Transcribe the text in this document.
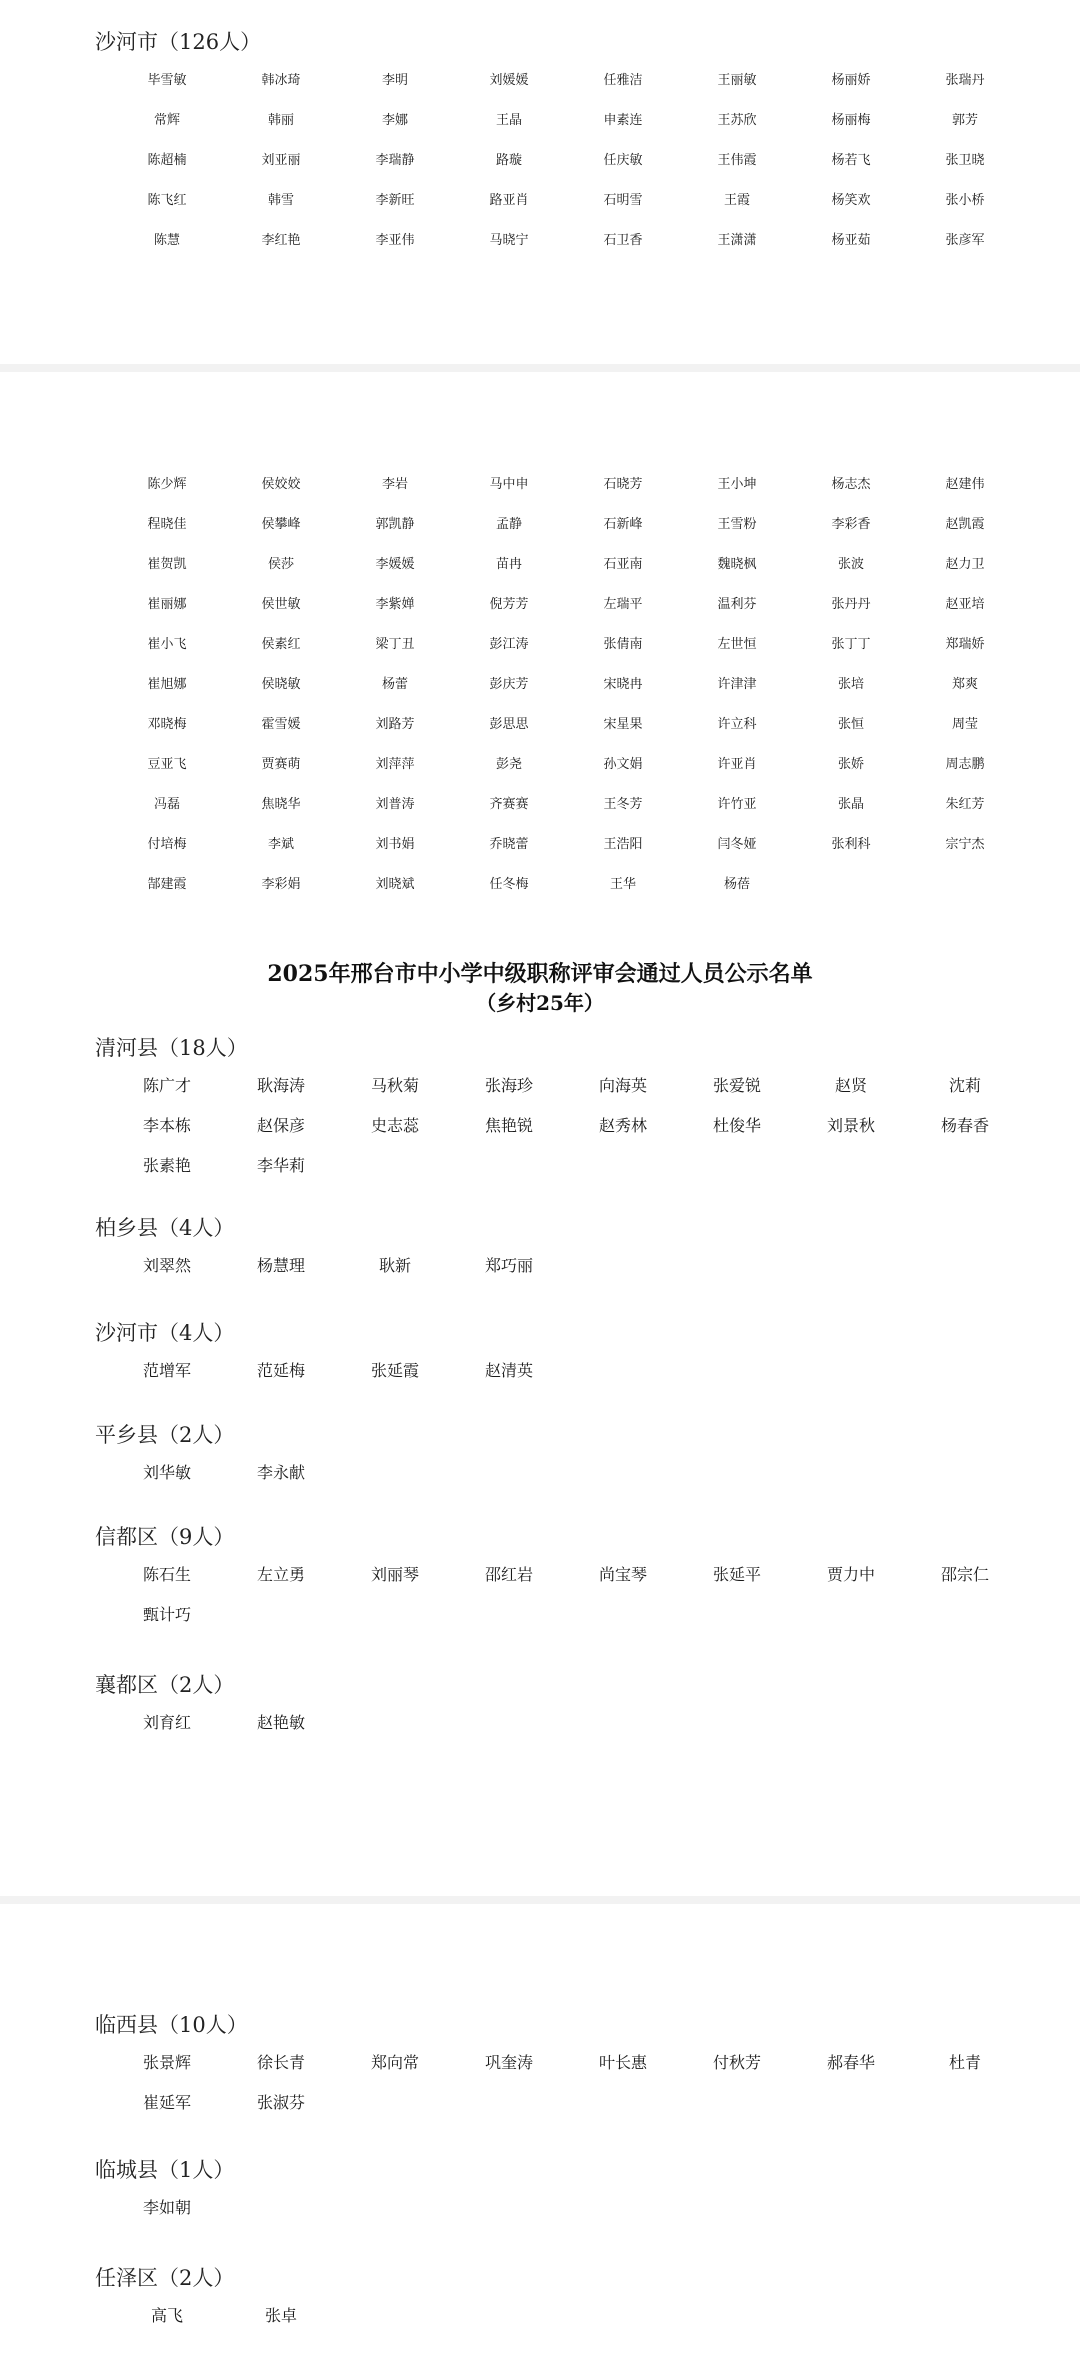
沙河市（126人）
毕雪敏	韩冰琦	李明	刘媛媛	任雅洁	王丽敏	杨丽娇	张瑞丹
常辉	韩丽	李娜	王晶	申素连	王苏欣	杨丽梅	郭芳
陈超楠	刘亚丽	李瑞静	路璇	任庆敏	王伟霞	杨若飞	张卫晓
陈飞红	韩雪	李新旺	路亚肖	石明雪	王霞	杨笑欢	张小桥
陈慧	李红艳	李亚伟	马晓宁	石卫香	王潇潇	杨亚茹	张彦军
陈少辉	侯姣姣	李岩	马中申	石晓芳	王小坤	杨志杰	赵建伟
程晓佳	侯攀峰	郭凯静	孟静	石新峰	王雪粉	李彩香	赵凯霞
崔贺凯	侯莎	李媛媛	苗冉	石亚南	魏晓枫	张波	赵力卫
崔丽娜	侯世敏	李紫婵	倪芳芳	左瑞平	温利芬	张丹丹	赵亚培
崔小飞	侯素红	梁丁丑	彭江涛	张倩南	左世恒	张丁丁	郑瑞娇
崔旭娜	侯晓敏	杨蕾	彭庆芳	宋晓冉	许津津	张培	郑爽
邓晓梅	霍雪媛	刘路芳	彭思思	宋星果	许立科	张恒	周莹
豆亚飞	贾赛萌	刘萍萍	彭尧	孙文娟	许亚肖	张娇	周志鹏
冯磊	焦晓华	刘普涛	齐赛赛	王冬芳	许竹亚	张晶	朱红芳
付培梅	李斌	刘书娟	乔晓蕾	王浩阳	闫冬娅	张利科	宗宁杰
郜建霞	李彩娟	刘晓斌	任冬梅	王华	杨蓓
2025年邢台市中小学中级职称评审会通过人员公示名单
（乡村25年）
清河县（18人）
陈广才	耿海涛	马秋菊	张海珍	向海英	张爱锐	赵贤	沈莉
李本栋	赵保彦	史志蕊	焦艳锐	赵秀林	杜俊华	刘景秋	杨春香
张素艳	李华莉
柏乡县（4人）
刘翠然	杨慧理	耿新	郑巧丽
沙河市（4人）
范增军	范延梅	张延霞	赵清英
平乡县（2人）
刘华敏	李永献
信都区（9人）
陈石生	左立勇	刘丽琴	邵红岩	尚宝琴	张延平	贾力中	邵宗仁
甄计巧
襄都区（2人）
刘育红	赵艳敏
临西县（10人）
张景辉	徐长青	郑向常	巩奎涛	叶长惠	付秋芳	郝春华	杜青
崔延军	张淑芬
临城县（1人）
李如朝
任泽区（2人）
高飞	张卓
